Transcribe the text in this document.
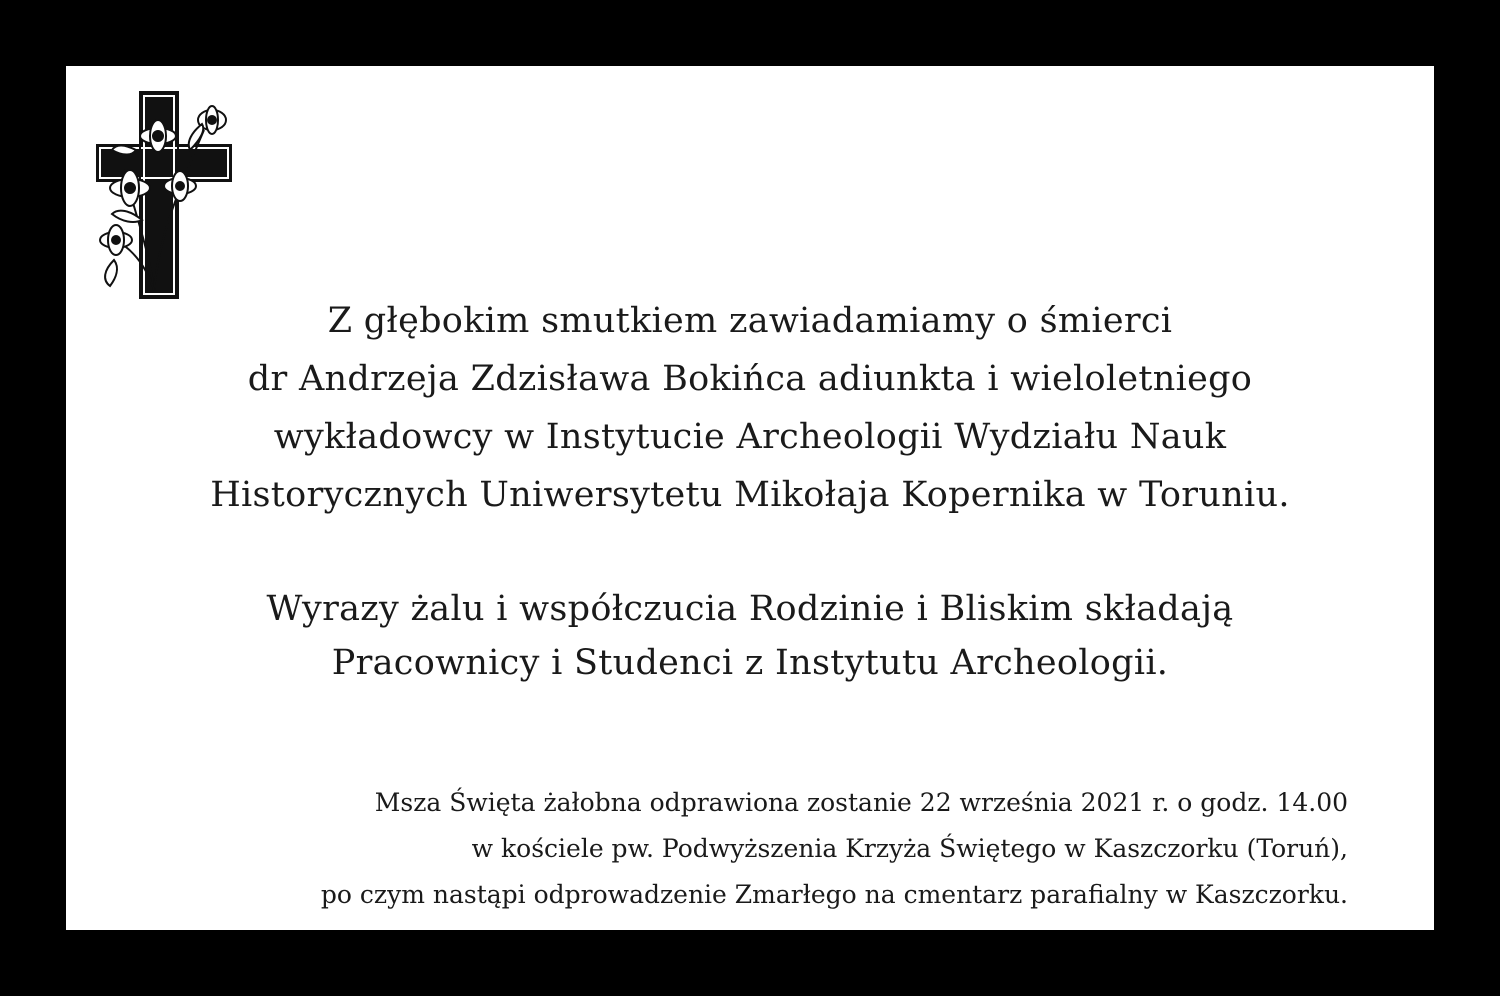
Z głębokim smutkiem zawiadamiamy o śmierci
dr Andrzeja Zdzisława Bokińca adiunkta i wieloletniego
wykładowcy w Instytucie Archeologii Wydziału Nauk
Historycznych Uniwersytetu Mikołaja Kopernika w Toruniu.
Wyrazy żalu i współczucia Rodzinie i Bliskim składają
Pracownicy i Studenci z Instytutu Archeologii.
Msza Święta żałobna odprawiona zostanie 22 września 2021 r. o godz. 14.00
w kościele pw. Podwyższenia Krzyża Świętego w Kaszczorku (Toruń),
po czym nastąpi odprowadzenie Zmarłego na cmentarz parafialny w Kaszczorku.
